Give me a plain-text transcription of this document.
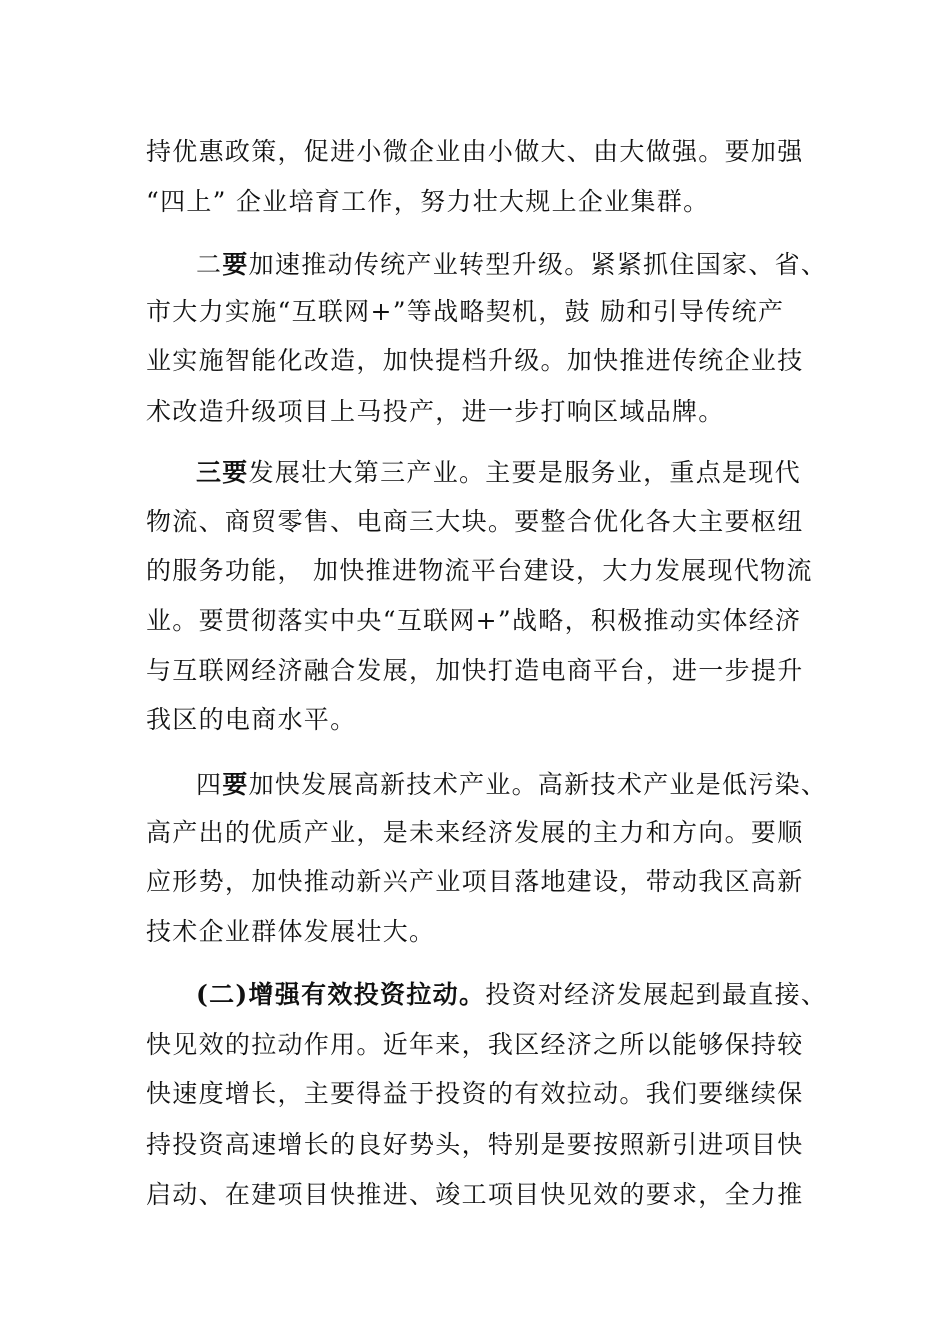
持优惠政策，促进小微企业由小做大、由大做强。要加强
“四上” 企业培育工作，努力壮大规上企业集群。
二要加速推动传统产业转型升级。紧紧抓住国家、省、
市大力实施“互联网+”等战略契机，鼓 励和引导传统产
业实施智能化改造，加快提档升级。加快推进传统企业技
术改造升级项目上马投产，进一步打响区域品牌。
三要发展壮大第三产业。主要是服务业，重点是现代
物流、商贸零售、电商三大块。要整合优化各大主要枢纽
的服务功能， 加快推进物流平台建设，大力发展现代物流
业。要贯彻落实中央“互联网+”战略，积极推动实体经济
与互联网经济融合发展，加快打造电商平台，进一步提升
我区的电商水平。
四要加快发展高新技术产业。高新技术产业是低污染、
高产出的优质产业，是未来经济发展的主力和方向。要顺
应形势，加快推动新兴产业项目落地建设，带动我区高新
技术企业群体发展壮大。
(二)增强有效投资拉动。投资对经济发展起到最直接、
快见效的拉动作用。近年来，我区经济之所以能够保持较
快速度增长，主要得益于投资的有效拉动。我们要继续保
持投资高速增长的良好势头，特别是要按照新引进项目快
启动、在建项目快推进、竣工项目快见效的要求，全力推
